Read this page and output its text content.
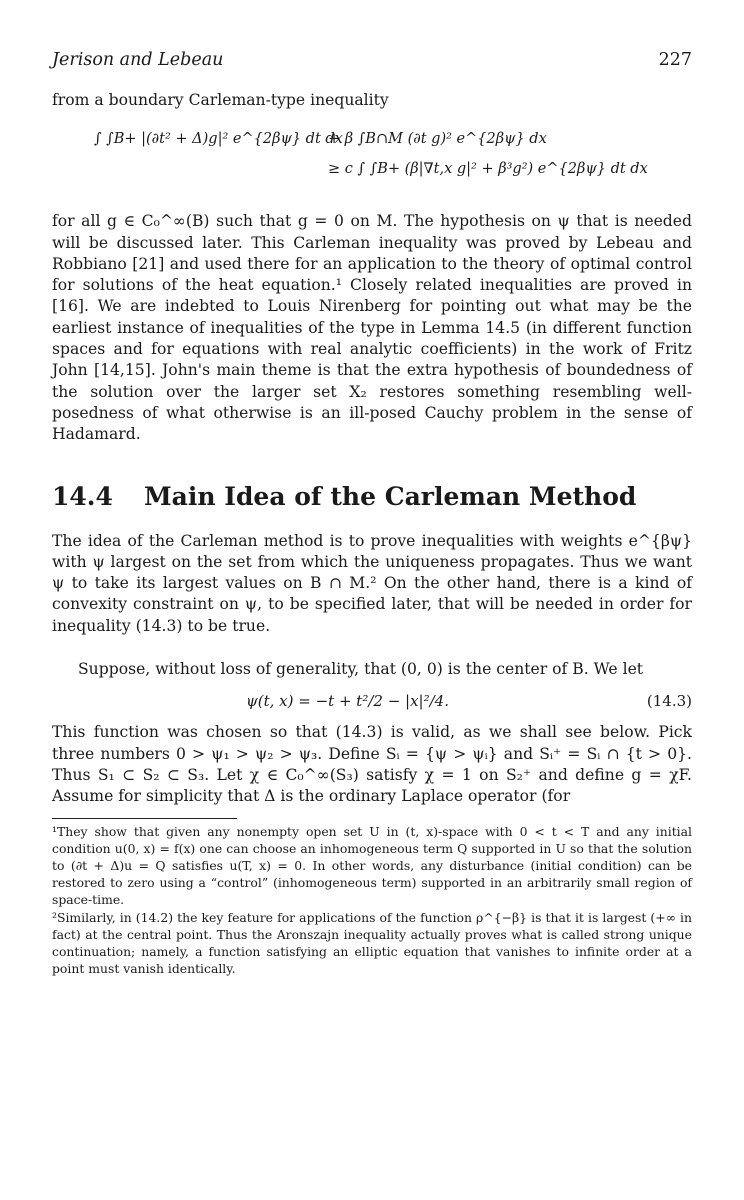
Jerison and Lebeau	227

from a boundary Carleman-type inequality

∫ ∫B+ |(∂t² + Δ)g|² e^{2βψ} dt dx
+ β ∫B∩M (∂t g)² e^{2βψ} dx
≥ c ∫ ∫B+ (β|∇t,x g|² + β³g²) e^{2βψ} dt dx

for all g ∈ C₀^∞(B) such that g = 0 on M. The hypothesis on ψ that is needed will be discussed later. This Carleman inequality was proved by Lebeau and Robbiano [21] and used there for an application to the theory of optimal control for solutions of the heat equation.¹ Closely related inequalities are proved in [16]. We are indebted to Louis Nirenberg for pointing out what may be the earliest instance of inequalities of the type in Lemma 14.5 (in different function spaces and for equations with real analytic coefficients) in the work of Fritz John [14,15]. John's main theme is that the extra hypothesis of boundedness of the solution over the larger set X₂ restores something resembling well-posedness of what otherwise is an ill-posed Cauchy problem in the sense of Hadamard.

14.4	Main Idea of the Carleman Method

The idea of the Carleman method is to prove inequalities with weights e^{βψ} with ψ largest on the set from which the uniqueness propagates. Thus we want ψ to take its largest values on B ∩ M.² On the other hand, there is a kind of convexity constraint on ψ, to be specified later, that will be needed in order for inequality (14.3) to be true.

Suppose, without loss of generality, that (0, 0) is the center of B. We let

ψ(t, x) = −t + t²/2 − |x|²/4.	(14.3)

This function was chosen so that (14.3) is valid, as we shall see below. Pick three numbers 0 > ψ₁ > ψ₂ > ψ₃. Define Sᵢ = {ψ > ψᵢ} and Sᵢ⁺ = Sᵢ ∩ {t > 0}. Thus S₁ ⊂ S₂ ⊂ S₃. Let χ ∈ C₀^∞(S₃) satisfy χ = 1 on S₂⁺ and define g = χF. Assume for simplicity that Δ is the ordinary Laplace operator (for

¹They show that given any nonempty open set U in (t, x)-space with 0 < t < T and any initial condition u(0, x) = f(x) one can choose an inhomogeneous term Q supported in U so that the solution to (∂t + Δ)u = Q satisfies u(T, x) = 0. In other words, any disturbance (initial condition) can be restored to zero using a “control” (inhomogeneous term) supported in an arbitrarily small region of space-time.

²Similarly, in (14.2) the key feature for applications of the function ρ^{−β} is that it is largest (+∞ in fact) at the central point. Thus the Aronszajn inequality actually proves what is called strong unique continuation; namely, a function satisfying an elliptic equation that vanishes to infinite order at a point must vanish identically.
